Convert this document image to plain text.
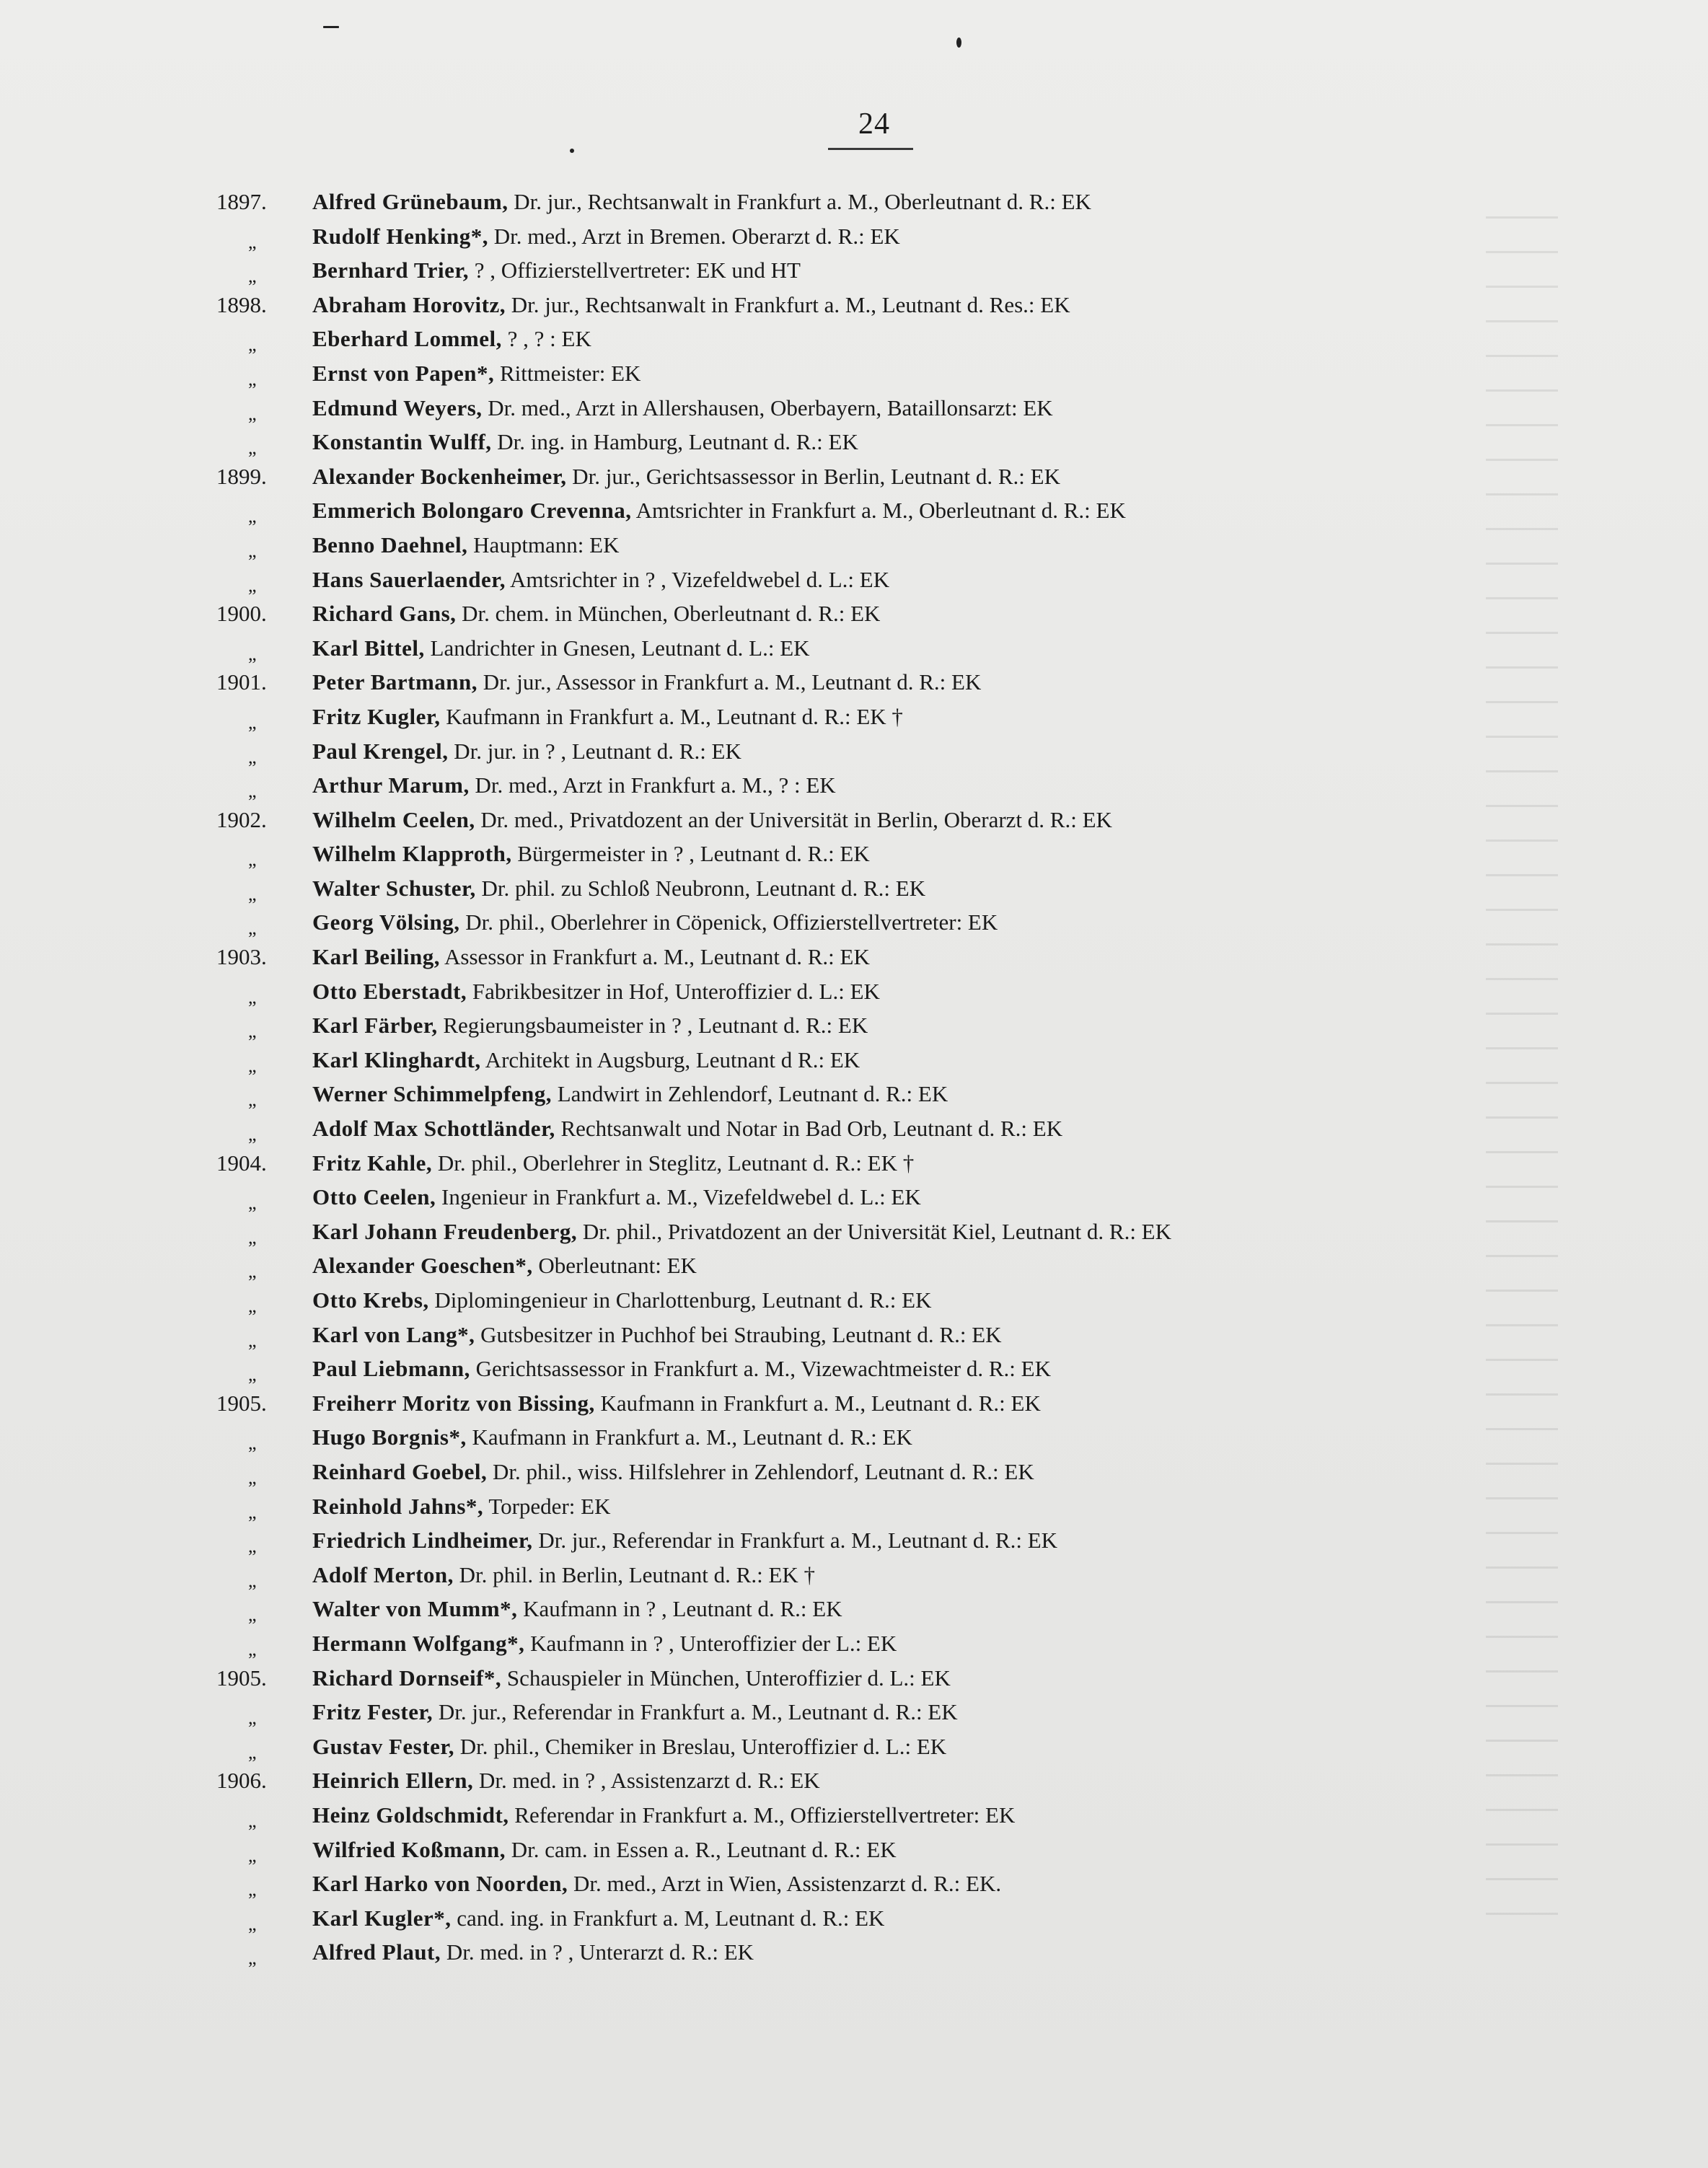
24
1897.	Alfred Grünebaum, Dr. jur., Rechtsanwalt in Frankfurt a. M., Oberleutnant d. R.: EK
„ Rudolf Henking*, Dr. med., Arzt in Bremen. Oberarzt d. R.: EK
„ Bernhard Trier, ? , Offizierstellvertreter: EK und HT
1898.	Abraham Horovitz, Dr. jur., Rechtsanwalt in Frankfurt a. M., Leutnant d. Res.: EK
„ Eberhard Lommel, ? , ? : EK
„ Ernst von Papen*, Rittmeister: EK
„ Edmund Weyers, Dr. med., Arzt in Allershausen, Oberbayern, Bataillonsarzt: EK
„ Konstantin Wulff, Dr. ing. in Hamburg, Leutnant d. R.: EK
1899.	Alexander Bockenheimer, Dr. jur., Gerichtsassessor in Berlin, Leutnant d. R.: EK
„ Emmerich Bolongaro Crevenna, Amtsrichter in Frankfurt a. M., Oberleutnant d. R.: EK
„ Benno Daehnel, Hauptmann: EK
„ Hans Sauerlaender, Amtsrichter in ? , Vizefeldwebel d. L.: EK
1900.	Richard Gans, Dr. chem. in München, Oberleutnant d. R.: EK
„ Karl Bittel, Landrichter in Gnesen, Leutnant d. L.: EK
1901.	Peter Bartmann, Dr. jur., Assessor in Frankfurt a. M., Leutnant d. R.: EK
„ Fritz Kugler, Kaufmann in Frankfurt a. M., Leutnant d. R.: EK †
„ Paul Krengel, Dr. jur. in ? , Leutnant d. R.: EK
„ Arthur Marum, Dr. med., Arzt in Frankfurt a. M., ? : EK
1902.	Wilhelm Ceelen, Dr. med., Privatdozent an der Universität in Berlin, Oberarzt d. R.: EK
„ Wilhelm Klapproth, Bürgermeister in ? , Leutnant d. R.: EK
„ Walter Schuster, Dr. phil. zu Schloß Neubronn, Leutnant d. R.: EK
„ Georg Völsing, Dr. phil., Oberlehrer in Cöpenick, Offizierstellvertreter: EK
1903.	Karl Beiling, Assessor in Frankfurt a. M., Leutnant d. R.: EK
„ Otto Eberstadt, Fabrikbesitzer in Hof, Unteroffizier d. L.: EK
„ Karl Färber, Regierungsbaumeister in ? , Leutnant d. R.: EK
„ Karl Klinghardt, Architekt in Augsburg, Leutnant d R.: EK
„ Werner Schimmelpfeng, Landwirt in Zehlendorf, Leutnant d. R.: EK
„ Adolf Max Schottländer, Rechtsanwalt und Notar in Bad Orb, Leutnant d. R.: EK
1904.	Fritz Kahle, Dr. phil., Oberlehrer in Steglitz, Leutnant d. R.: EK †
„ Otto Ceelen, Ingenieur in Frankfurt a. M., Vizefeldwebel d. L.: EK
„ Karl Johann Freudenberg, Dr. phil., Privatdozent an der Universität Kiel, Leutnant d. R.: EK
„ Alexander Goeschen*, Oberleutnant: EK
„ Otto Krebs, Diplomingenieur in Charlottenburg, Leutnant d. R.: EK
„ Karl von Lang*, Gutsbesitzer in Puchhof bei Straubing, Leutnant d. R.: EK
„ Paul Liebmann, Gerichtsassessor in Frankfurt a. M., Vizewachtmeister d. R.: EK
1905.	Freiherr Moritz von Bissing, Kaufmann in Frankfurt a. M., Leutnant d. R.: EK
„ Hugo Borgnis*, Kaufmann in Frankfurt a. M., Leutnant d. R.: EK
„ Reinhard Goebel, Dr. phil., wiss. Hilfslehrer in Zehlendorf, Leutnant d. R.: EK
„ Reinhold Jahns*, Torpeder: EK
„ Friedrich Lindheimer, Dr. jur., Referendar in Frankfurt a. M., Leutnant d. R.: EK
„ Adolf Merton, Dr. phil. in Berlin, Leutnant d. R.: EK †
„ Walter von Mumm*, Kaufmann in ? , Leutnant d. R.: EK
„ Hermann Wolfgang*, Kaufmann in ? , Unteroffizier der L.: EK
1905.	Richard Dornseif*, Schauspieler in München, Unteroffizier d. L.: EK
„ Fritz Fester, Dr. jur., Referendar in Frankfurt a. M., Leutnant d. R.: EK
„ Gustav Fester, Dr. phil., Chemiker in Breslau, Unteroffizier d. L.: EK
1906.	Heinrich Ellern, Dr. med. in ? , Assistenzarzt d. R.: EK
„ Heinz Goldschmidt, Referendar in Frankfurt a. M., Offizierstellvertreter: EK
„ Wilfried Koßmann, Dr. cam. in Essen a. R., Leutnant d. R.: EK
„ Karl Harko von Noorden, Dr. med., Arzt in Wien, Assistenzarzt d. R.: EK.
„ Karl Kugler*, cand. ing. in Frankfurt a. M, Leutnant d. R.: EK
„ Alfred Plaut, Dr. med. in ? , Unterarzt d. R.: EK
